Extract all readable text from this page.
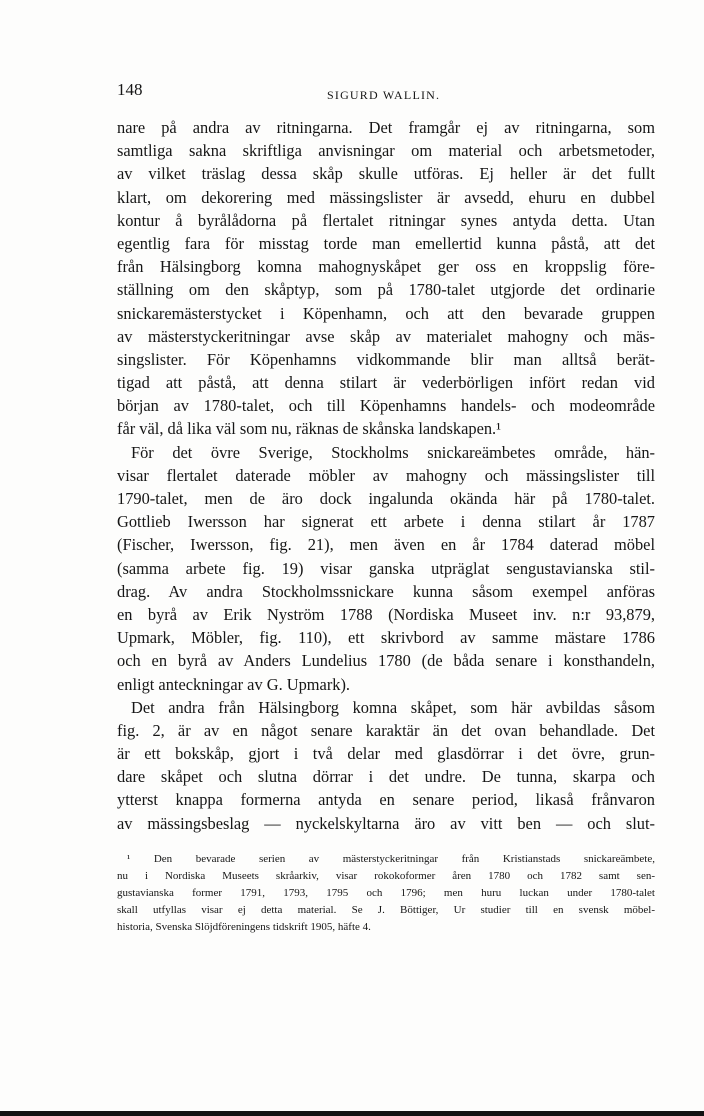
148	SIGURD WALLIN.
nare på andra av ritningarna. Det framgår ej av ritningarna, som
samtliga sakna skriftliga anvisningar om material och arbetsmetoder,
av vilket träslag dessa skåp skulle utföras. Ej heller är det fullt
klart, om dekorering med mässingslister är avsedd, ehuru en dubbel
kontur å byrålådorna på flertalet ritningar synes antyda detta. Utan
egentlig fara för misstag torde man emellertid kunna påstå, att det
från Hälsingborg komna mahognyskåpet ger oss en kroppslig före-
ställning om den skåptyp, som på 1780-talet utgjorde det ordinarie
snickaremästerstycket i Köpenhamn, och att den bevarade gruppen
av mästerstyckeritningar avse skåp av materialet mahogny och mäs-
singslister. För Köpenhamns vidkommande blir man alltså berät-
tigad att påstå, att denna stilart är vederbörligen infört redan vid
början av 1780-talet, och till Köpenhamns handels- och modeområde
får väl, då lika väl som nu, räknas de skånska landskapen.¹
För det övre Sverige, Stockholms snickareämbetes område, hän-
visar flertalet daterade möbler av mahogny och mässingslister till
1790-talet, men de äro dock ingalunda okända här på 1780-talet.
Gottlieb Iwersson har signerat ett arbete i denna stilart år 1787
(Fischer, Iwersson, fig. 21), men även en år 1784 daterad möbel
(samma arbete fig. 19) visar ganska utpräglat sengustavianska stil-
drag. Av andra Stockholmssnickare kunna såsom exempel anföras
en byrå av Erik Nyström 1788 (Nordiska Museet inv. n:r 93,879,
Upmark, Möbler, fig. 110), ett skrivbord av samme mästare 1786
och en byrå av Anders Lundelius 1780 (de båda senare i konsthandeln,
enligt anteckningar av G. Upmark).
Det andra från Hälsingborg komna skåpet, som här avbildas såsom
fig. 2, är av en något senare karaktär än det ovan behandlade. Det
är ett bokskåp, gjort i två delar med glasdörrar i det övre, grun-
dare skåpet och slutna dörrar i det undre. De tunna, skarpa och
ytterst knappa formerna antyda en senare period, likaså frånvaron
av mässingsbeslag — nyckelskyltarna äro av vitt ben — och slut-
¹ Den bevarade serien av mästerstyckeritningar från Kristianstads snickareämbete,
nu i Nordiska Museets skråarkiv, visar rokokoformer åren 1780 och 1782 samt sen-
gustavianska former 1791, 1793, 1795 och 1796; men huru luckan under 1780-talet
skall utfyllas visar ej detta material. Se J. Böttiger, Ur studier till en svensk möbel-
historia, Svenska Slöjdföreningens tidskrift 1905, häfte 4.
